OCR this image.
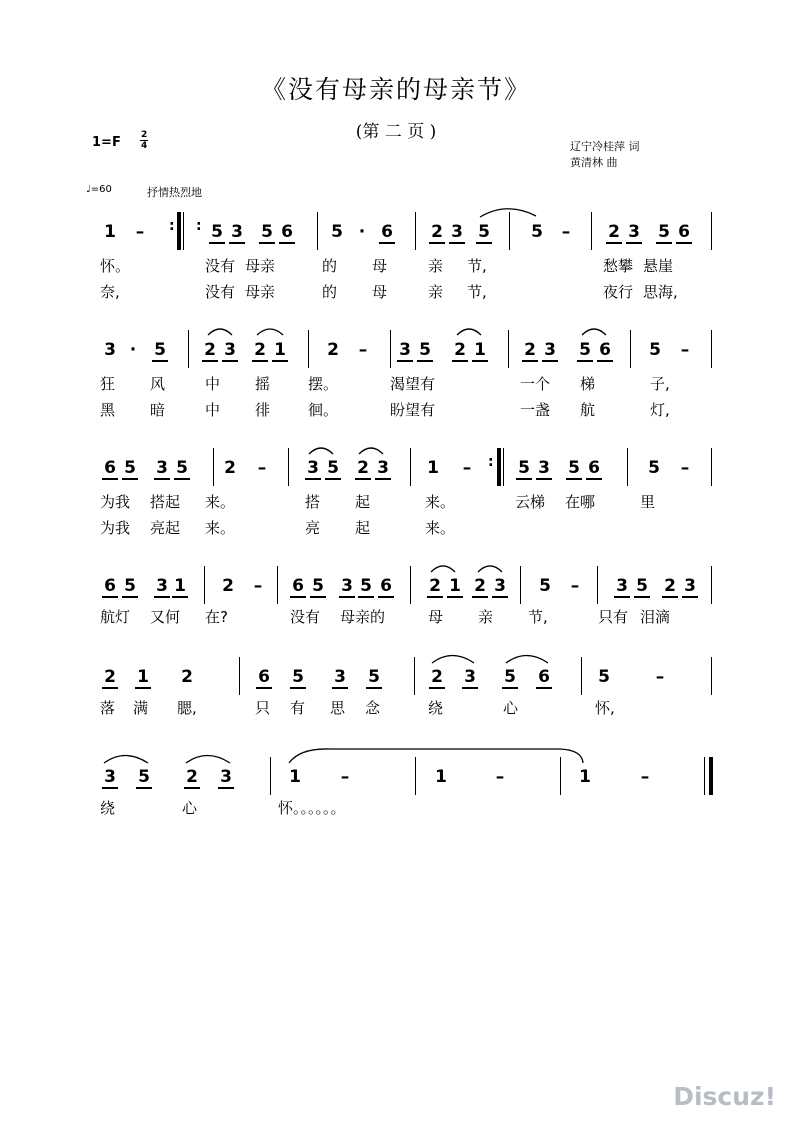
《没有母亲的母亲节》
(第 二 页 )
$1=F \frac{2}{4}$	辽宁冷桂萍 词
黄清林 曲
♩=60	抒情热烈地
1 –	5 3 5 6 5 · 6 2 3 5 5 – 2 3 5 6
: :
怀。	没有 母亲	的 母	亲 节,	愁攀 悬崖
奈,	没有 母亲	的 母	亲 节,	夜行 思海,
3 · 5 2 3 2 1 2 – 3 5 2 1 2 3 5 6 5 –
狂 风	中 摇	摆。	渴望有	一个 梯	子,
黑 暗	中 徘	徊。	盼望有	一盏 航	灯,
6 5 3 5 2 – 3 5 2 3 1 –	5 3 5 6	5 –
:
为我 搭起 来。	搭 起	来。	云梯 在哪	里
为我 亮起 来。	亮 起	来。
6 5 3 1 2 – 6 5 3 5 6 2 1 2 3 5 – 3 5 2 3
航灯 又何 在?	没有 母亲的	母 亲 节,	只有 泪滴
2 1 2	6 5 3 5	2 3 5 6	5	–
落 满 腮,	只 有 思 念	绕	心	怀,
3 5 2 3	1 –	1	–	1	–
绕	心	怀。。。。。。
Discuz!
